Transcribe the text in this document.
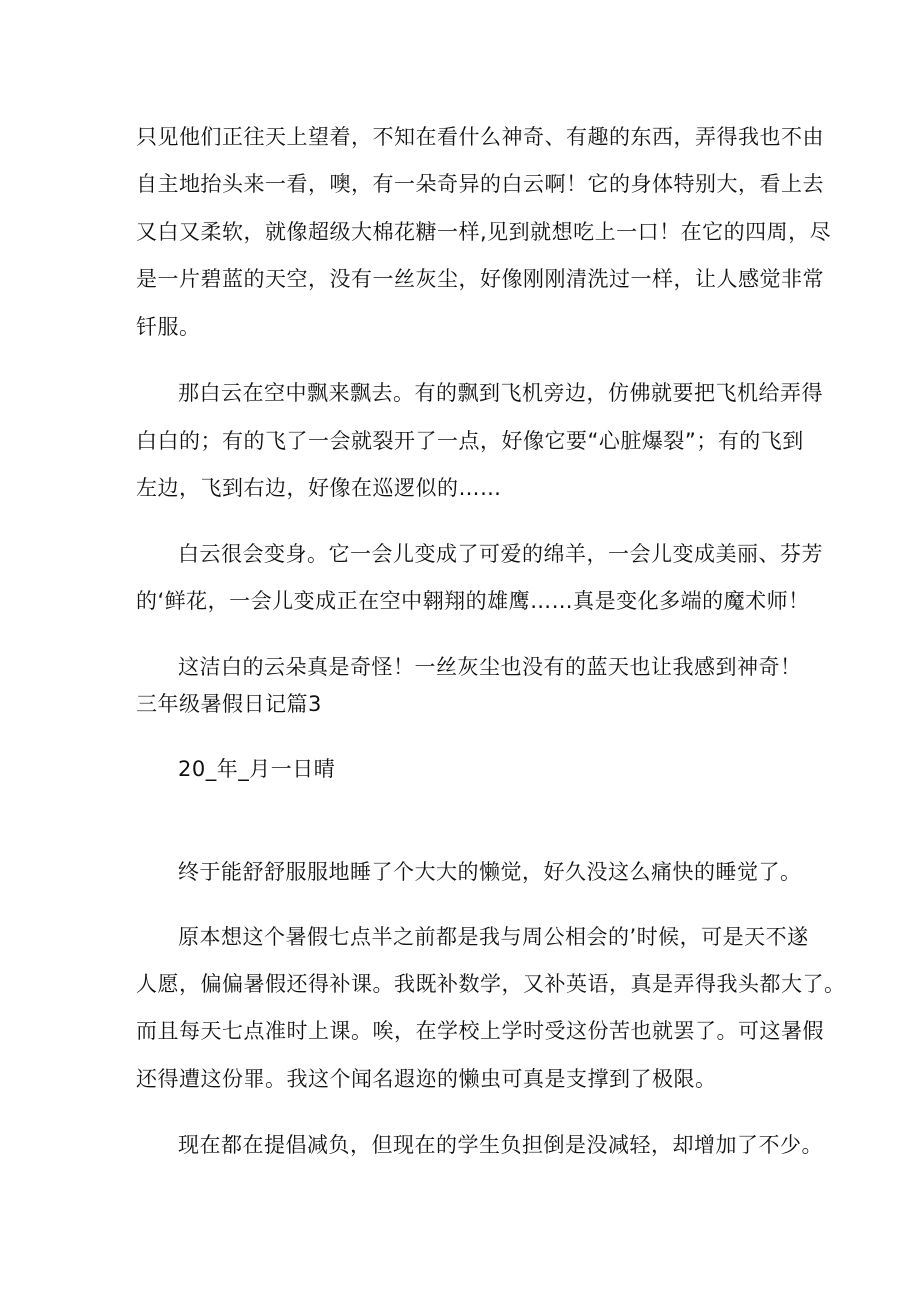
只见他们正往天上望着，不知在看什么神奇、有趣的东西，弄得我也不由
自主地抬头来一看，噢，有一朵奇异的白云啊！它的身体特别大，看上去
又白又柔软，就像超级大棉花糖一样,见到就想吃上一口！在它的四周，尽
是一片碧蓝的天空，没有一丝灰尘，好像刚刚清洗过一样，让人感觉非常
钎服。
那白云在空中飘来飘去。有的飘到飞机旁边，仿佛就要把飞机给弄得
白白的；有的飞了一会就裂开了一点，好像它要“心脏爆裂”；有的飞到
左边，飞到右边，好像在巡逻似的……
白云很会变身。它一会儿变成了可爱的绵羊，一会儿变成美丽、芬芳
的‘鲜花，一会儿变成正在空中翱翔的雄鹰……真是变化多端的魔术师！
这洁白的云朵真是奇怪！一丝灰尘也没有的蓝天也让我感到神奇！
三年级暑假日记篇3
20_年_月一日晴
终于能舒舒服服地睡了个大大的懒觉，好久没这么痛快的睡觉了。
原本想这个暑假七点半之前都是我与周公相会的’时候，可是天不遂
人愿，偏偏暑假还得补课。我既补数学，又补英语，真是弄得我头都大了。
而且每天七点准时上课。唉，在学校上学时受这份苦也就罢了。可这暑假
还得遭这份罪。我这个闻名遐迩的懒虫可真是支撑到了极限。
现在都在提倡减负，但现在的学生负担倒是没减轻，却增加了不少。
